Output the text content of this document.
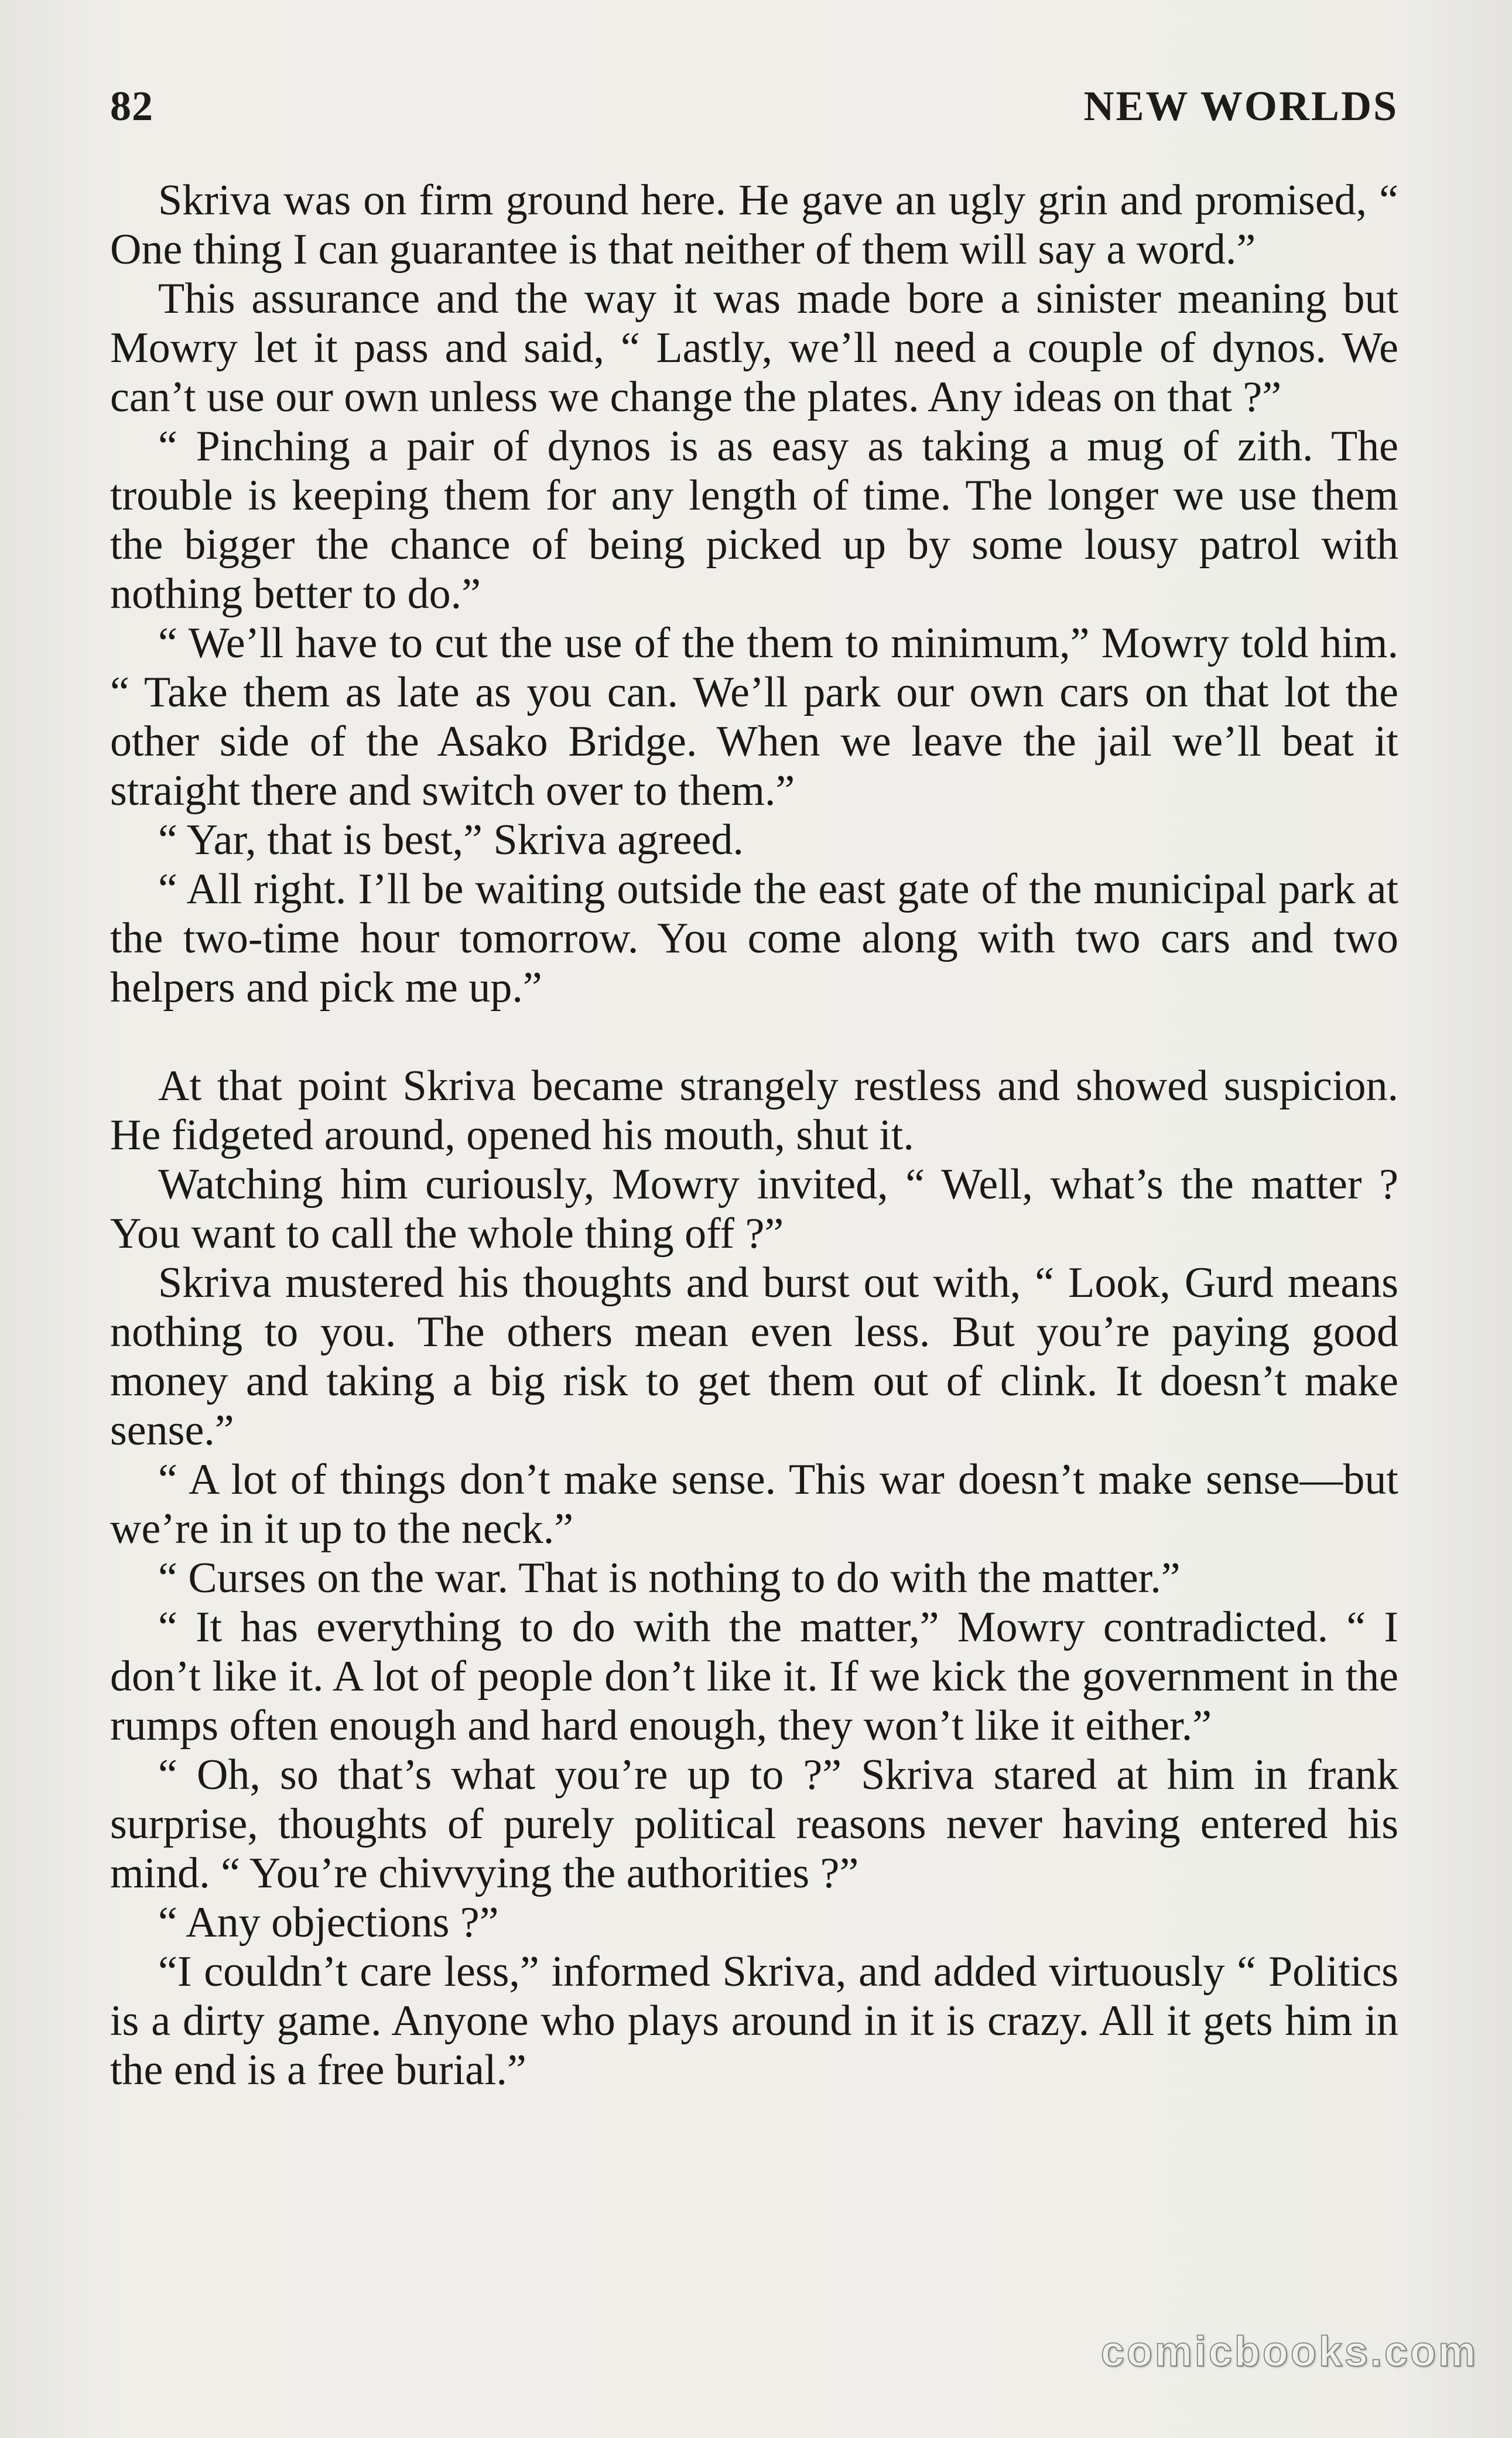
82	NEW WORLDS

Skriva was on firm ground here. He gave an ugly grin and promised, “ One thing I can guarantee is that neither of them will say a word.”

This assurance and the way it was made bore a sinister meaning but Mowry let it pass and said, “ Lastly, we’ll need a couple of dynos. We can’t use our own unless we change the plates. Any ideas on that ?”

“ Pinching a pair of dynos is as easy as taking a mug of zith. The trouble is keeping them for any length of time. The longer we use them the bigger the chance of being picked up by some lousy patrol with nothing better to do.”

“ We’ll have to cut the use of the them to minimum,” Mowry told him. “ Take them as late as you can. We’ll park our own cars on that lot the other side of the Asako Bridge. When we leave the jail we’ll beat it straight there and switch over to them.”

“ Yar, that is best,” Skriva agreed.

“ All right. I’ll be waiting outside the east gate of the municipal park at the two-time hour tomorrow. You come along with two cars and two helpers and pick me up.”

At that point Skriva became strangely restless and showed suspicion. He fidgeted around, opened his mouth, shut it.

Watching him curiously, Mowry invited, “ Well, what’s the matter ? You want to call the whole thing off ?”

Skriva mustered his thoughts and burst out with, “ Look, Gurd means nothing to you. The others mean even less. But you’re paying good money and taking a big risk to get them out of clink. It doesn’t make sense.”

“ A lot of things don’t make sense. This war doesn’t make sense—but we’re in it up to the neck.”

“ Curses on the war. That is nothing to do with the matter.”

“ It has everything to do with the matter,” Mowry contradicted. “ I don’t like it. A lot of people don’t like it. If we kick the government in the rumps often enough and hard enough, they won’t like it either.”

“ Oh, so that’s what you’re up to ?” Skriva stared at him in frank surprise, thoughts of purely political reasons never having entered his mind. “ You’re chivvying the authorities ?”

“ Any objections ?”

“I couldn’t care less,” informed Skriva, and added virtuously “ Politics is a dirty game. Anyone who plays around in it is crazy. All it gets him in the end is a free burial.”

comicbooks.com
